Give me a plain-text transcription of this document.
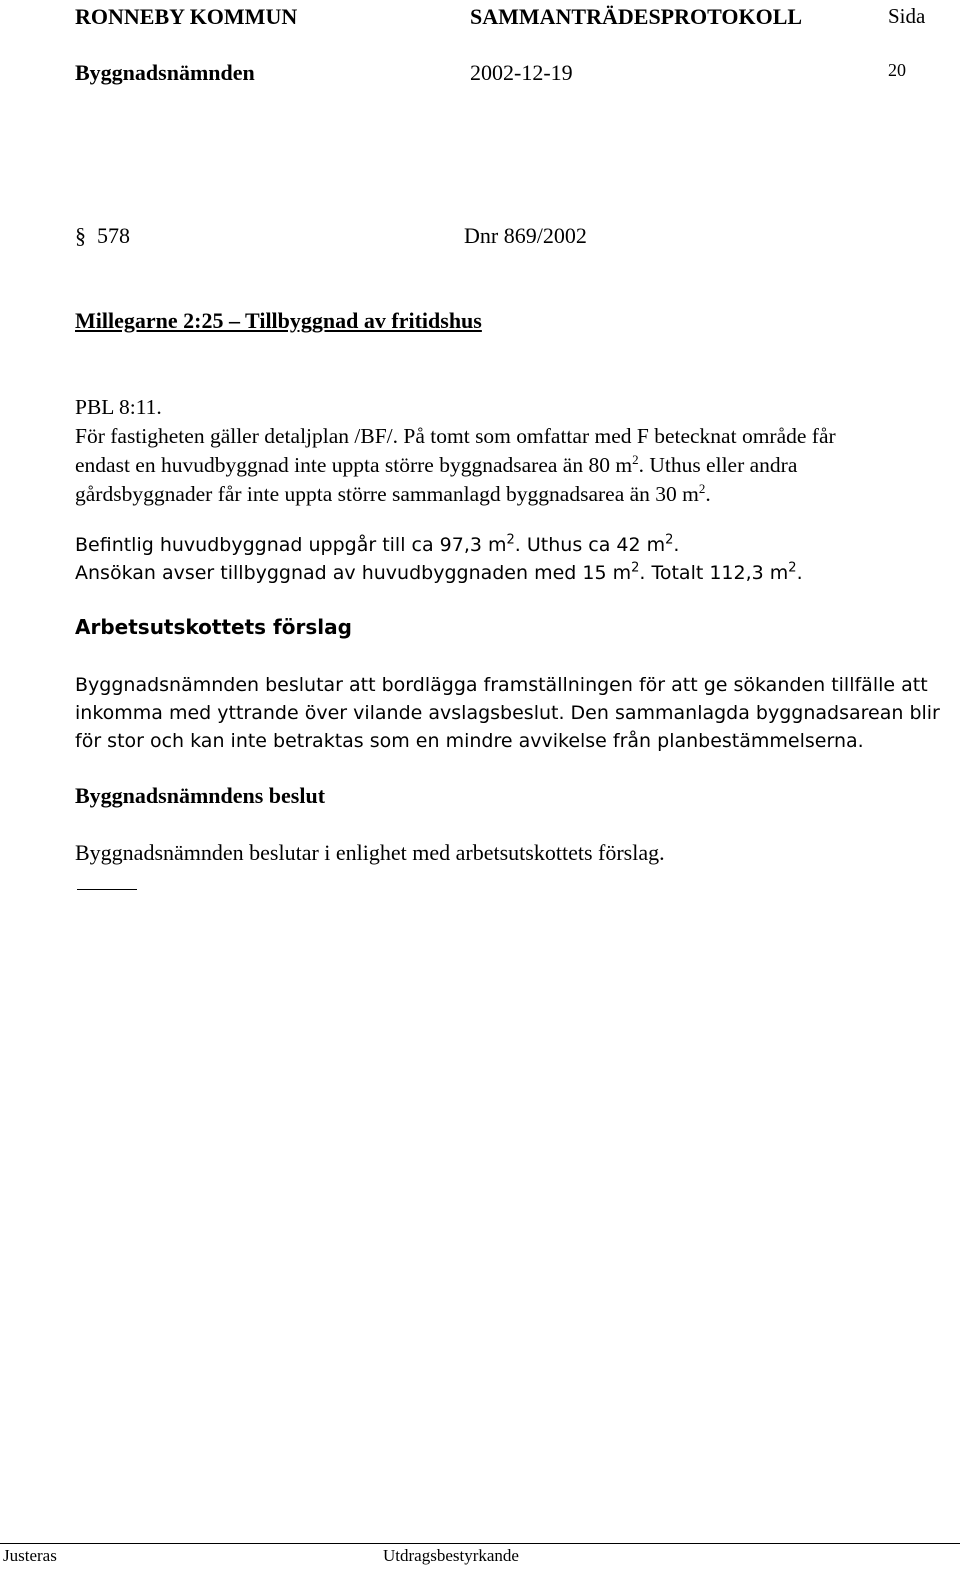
RONNEBY KOMMUN	SAMMANTRÄDESPROTOKOLL	Sida
Byggnadsnämnden	2002-12-19	20
§ 578	Dnr 869/2002
Millegarne 2:25 – Tillbyggnad av fritidshus
PBL 8:11.
För fastigheten gäller detaljplan /BF/. På tomt som omfattar med F betecknat område får
endast en huvudbyggnad inte uppta större byggnadsarea än 80 $m^2$. Uthus eller andra
gårdsbyggnader får inte uppta större sammanlagd byggnadsarea än 30 $m^2$.
Befintlig huvudbyggnad uppgår till ca 97,3 $m^2$. Uthus ca 42 $m^2$.
Ansökan avser tillbyggnad av huvudbyggnaden med 15 $m^2$. Totalt 112,3 $m^2$.
Arbetsutskottets förslag
Byggnadsnämnden beslutar att bordlägga framställningen för att ge sökanden tillfälle att
inkomma med yttrande över vilande avslagsbeslut. Den sammanlagda byggnadsarean blir
för stor och kan inte betraktas som en mindre avvikelse från planbestämmelserna.
Byggnadsnämndens beslut
Byggnadsnämnden beslutar i enlighet med arbetsutskottets förslag.
Justeras	Utdragsbestyrkande
